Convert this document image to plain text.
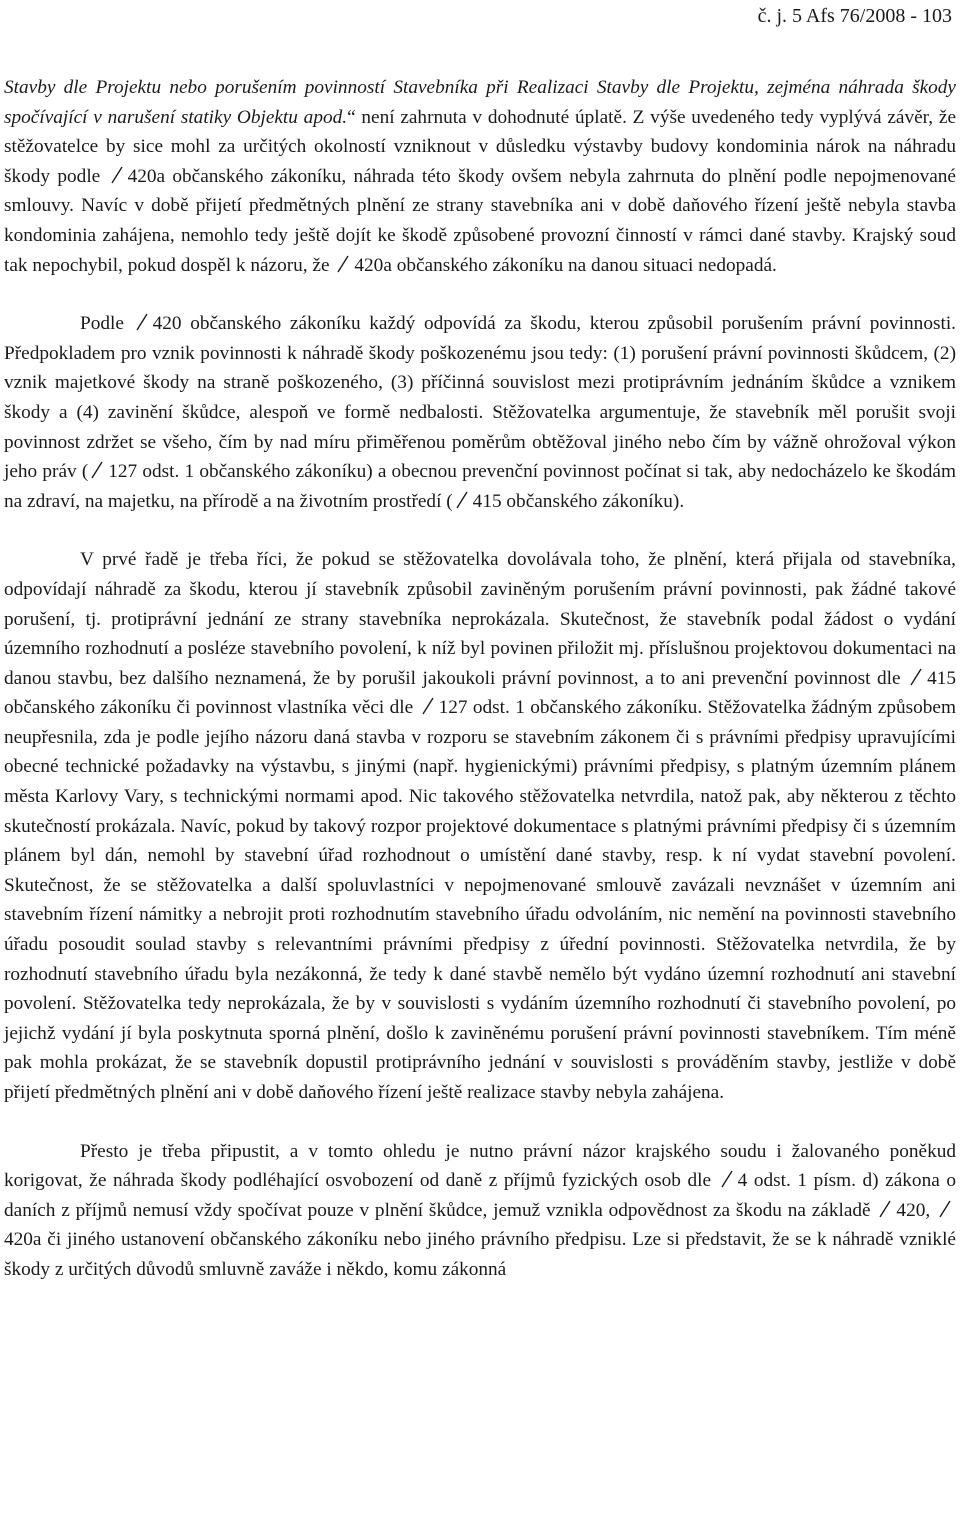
č. j. 5 Afs 76/2008 - 103

Stavby dle Projektu nebo porušením povinností Stavebníka při Realizaci Stavby dle Projektu, zejména náhrada škody spočívající v narušení statiky Objektu apod.“ není zahrnuta v dohodnuté úplatě. Z výše uvedeného tedy vyplývá závěr, že stěžovatelce by sice mohl za určitých okolností vzniknout v důsledku výstavby budovy kondominia nárok na náhradu škody podle 420a občanského zákoníku, náhrada této škody ovšem nebyla zahrnuta do plnění podle nepojmenované smlouvy. Navíc v době přijetí předmětných plnění ze strany stavebníka ani v době daňového řízení ještě nebyla stavba kondominia zahájena, nemohlo tedy ještě dojít ke škodě způsobené provozní činností v rámci dané stavby. Krajský soud tak nepochybil, pokud dospěl k názoru, že 420a občanského zákoníku na danou situaci nedopadá.

Podle 420 občanského zákoníku každý odpovídá za škodu, kterou způsobil porušením právní povinnosti. Předpokladem pro vznik povinnosti k náhradě škody poškozenému jsou tedy: (1) porušení právní povinnosti škůdcem, (2) vznik majetkové škody na straně poškozeného, (3) příčinná souvislost mezi protiprávním jednáním škůdce a vznikem škody a (4) zavinění škůdce, alespoň ve formě nedbalosti. Stěžovatelka argumentuje, že stavebník měl porušit svoji povinnost zdržet se všeho, čím by nad míru přiměřenou poměrům obtěžoval jiného nebo čím by vážně ohrožoval výkon jeho práv ( 127 odst. 1 občanského zákoníku) a obecnou prevenční povinnost počínat si tak, aby nedocházelo ke škodám na zdraví, na majetku, na přírodě a na životním prostředí ( 415 občanského zákoníku).

V prvé řadě je třeba říci, že pokud se stěžovatelka dovolávala toho, že plnění, která přijala od stavebníka, odpovídají náhradě za škodu, kterou jí stavebník způsobil zaviněným porušením právní povinnosti, pak žádné takové porušení, tj. protiprávní jednání ze strany stavebníka neprokázala. Skutečnost, že stavebník podal žádost o vydání územního rozhodnutí a posléze stavebního povolení, k níž byl povinen přiložit mj. příslušnou projektovou dokumentaci na danou stavbu, bez dalšího neznamená, že by porušil jakoukoli právní povinnost, a to ani prevenční povinnost dle 415 občanského zákoníku či povinnost vlastníka věci dle 127 odst. 1 občanského zákoníku. Stěžovatelka žádným způsobem neupřesnila, zda je podle jejího názoru daná stavba v rozporu se stavebním zákonem či s právními předpisy upravujícími obecné technické požadavky na výstavbu, s jinými (např. hygienickými) právními předpisy, s platným územním plánem města Karlovy Vary, s technickými normami apod. Nic takového stěžovatelka netvrdila, natož pak, aby některou z těchto skutečností prokázala. Navíc, pokud by takový rozpor projektové dokumentace s platnými právními předpisy či s územním plánem byl dán, nemohl by stavební úřad rozhodnout o umístění dané stavby, resp. k ní vydat stavební povolení. Skutečnost, že se stěžovatelka a další spoluvlastníci v nepojmenované smlouvě zavázali nevznášet v územním ani stavebním řízení námitky a nebrojit proti rozhodnutím stavebního úřadu odvoláním, nic nemění na povinnosti stavebního úřadu posoudit soulad stavby s relevantními právními předpisy z úřední povinnosti. Stěžovatelka netvrdila, že by rozhodnutí stavebního úřadu byla nezákonná, že tedy k dané stavbě nemělo být vydáno územní rozhodnutí ani stavební povolení. Stěžovatelka tedy neprokázala, že by v souvislosti s vydáním územního rozhodnutí či stavebního povolení, po jejichž vydání jí byla poskytnuta sporná plnění, došlo k zaviněnému porušení právní povinnosti stavebníkem. Tím méně pak mohla prokázat, že se stavebník dopustil protiprávního jednání v souvislosti s prováděním stavby, jestliže v době přijetí předmětných plnění ani v době daňového řízení ještě realizace stavby nebyla zahájena.

Přesto je třeba připustit, a v tomto ohledu je nutno právní názor krajského soudu i žalovaného poněkud korigovat, že náhrada škody podléhající osvobození od daně z příjmů fyzických osob dle 4 odst. 1 písm. d) zákona o daních z příjmů nemusí vždy spočívat pouze v plnění škůdce, jemuž vznikla odpovědnost za škodu na základě 420,
420a či jiného ustanovení občanského zákoníku nebo jiného právního předpisu. Lze si představit, že se k náhradě vzniklé škody z určitých důvodů smluvně zaváže i někdo, komu zákonná
